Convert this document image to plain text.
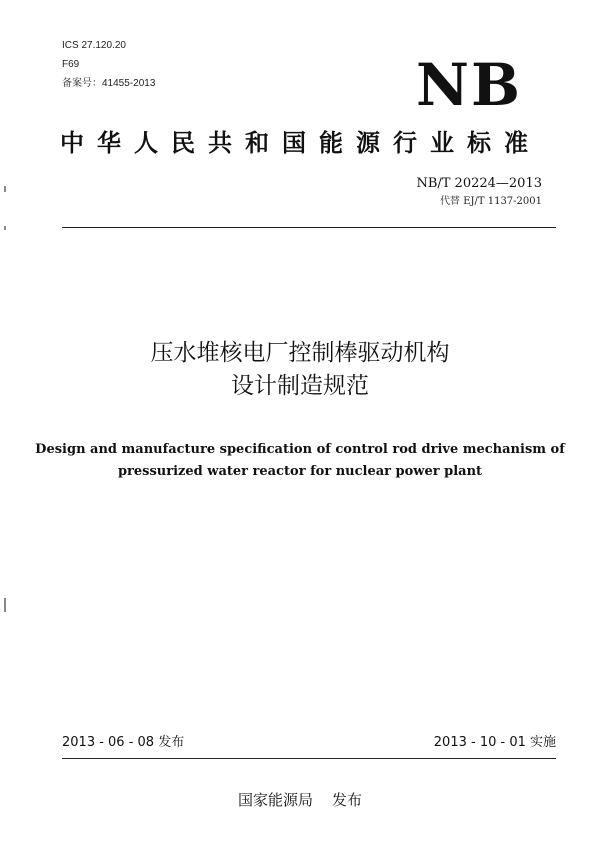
ICS 27.120.20
F69
备案号：41455-2013	NB
中华人民共和国能源行业标准
NB/T 20224—2013
代替 EJ/T 1137-2001
压水堆核电厂控制棒驱动机构
设计制造规范
Design and manufacture specification of control rod drive mechanism of
pressurized water reactor for nuclear power plant
2013 - 06 - 08 发布	2013 - 10 - 01 实施
国家能源局    发布
